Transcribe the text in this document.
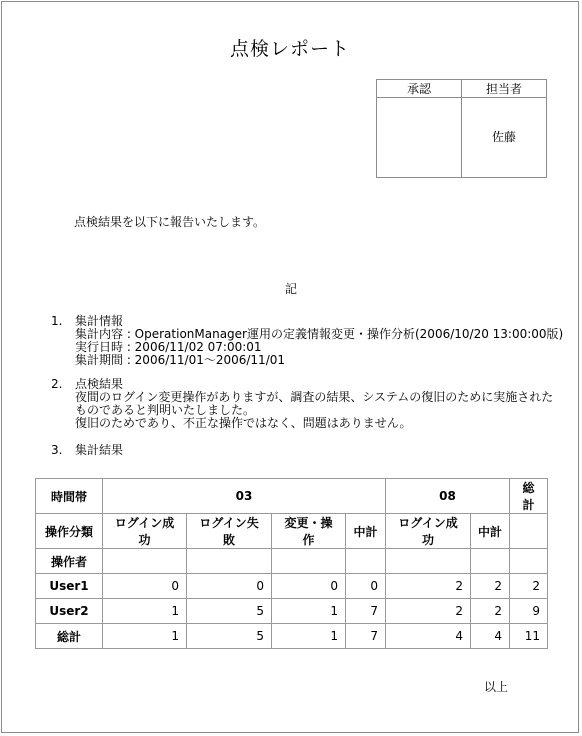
点検レポート
承認	担当者
	佐藤
点検結果を以下に報告いたします。
記
1. 集計情報
集計内容 : OperationManager運用の定義情報変更・操作分析(2006/10/20 13:00:00版)
実行日時 : 2006/11/02 07:00:01
集計期間 : 2006/11/01～2006/11/01
2. 点検結果
夜間のログイン変更操作がありますが、調査の結果、システムの復旧のために実施された
ものであると判明いたしました。
復旧のためであり、不正な操作ではなく、問題はありません。
3. 集計結果
時間帯	03				08		総計
操作分類	ログイン成功	ログイン失敗	変更・操作	中計	ログイン成功	中計	
操作者							
User1	0	0	0	0	2	2	2
User2	1	5	1	7	2	2	9
総計	1	5	1	7	4	4	11
以上
